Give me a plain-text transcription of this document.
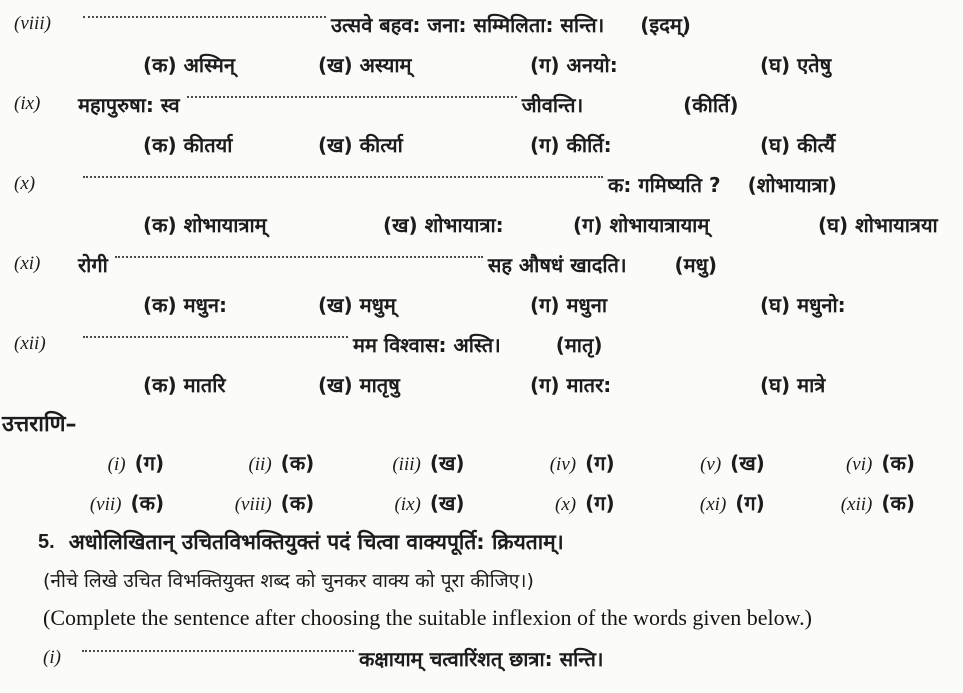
(viii)	उत्सवे बहव: जना: सम्मिलिता: सन्ति। (इदम्)
(क) अस्मिन्	(ख) अस्याम्	(ग) अनयो:	(घ) एतेषु
(ix)	महापुरुषा: स्व	जीवन्ति।	(कीर्ति)
(क) कीतर्या	(ख) कीर्त्या	(ग) कीर्ति:	(घ) कीर्त्यै
(x)	क: गमिष्यति ? (शोभायात्रा)
(क) शोभायात्राम्	(ख) शोभायात्रा:	(ग) शोभायात्रायाम्	(घ) शोभायात्रया
(xi)	रोगी	सह औषधं खादति। (मधु)
(क) मधुन:	(ख) मधुम्	(ग) मधुना	(घ) मधुनो:
(xii)	मम विश्वास: अस्ति।	(मातृ)
(क) मातरि	(ख) मातृषु	(ग) मातर:	(घ) मात्रे
उत्तराणि–
(i) (ग)	(ii) (क)	(iii) (ख)	(iv) (ग)	(v) (ख)	(vi) (क)
(vii) (क)	(viii) (क)	(ix) (ख)	(x) (ग)	(xi) (ग)	(xii) (क)
5. अधोलिखितान् उचितविभक्तियुक्तं पदं चित्वा वाक्यपूर्ति: क्रियताम्।
(नीचे लिखे उचित विभक्तियुक्त शब्द को चुनकर वाक्य को पूरा कीजिए।)
(Complete the sentence after choosing the suitable inflexion of the words given below.)
(i)	कक्षायाम् चत्वारिंशत् छात्रा: सन्ति।
